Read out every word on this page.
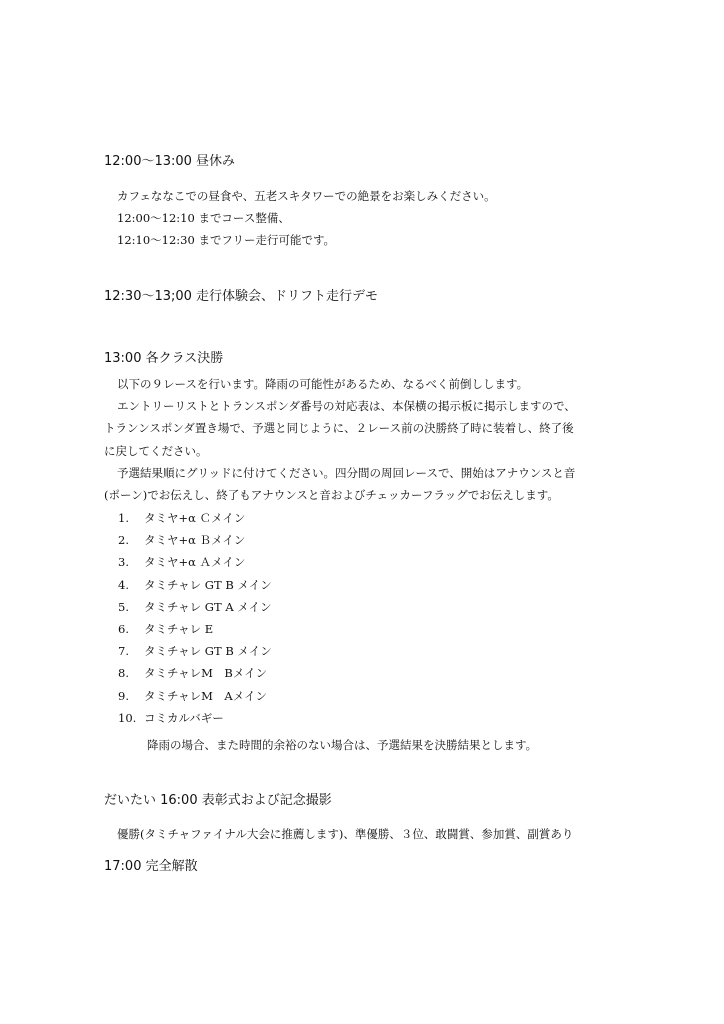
12:00～13:00 昼休み

カフェななこでの昼食や、五老スキタワーでの絶景をお楽しみください。

12:00～12:10 までコース整備、

12:10～12:30 までフリー走行可能です。

12:30～13;00 走行体験会、ドリフト走行デモ
13:00 各クラス決勝

以下の９レースを行います。降雨の可能性があるため、なるべく前倒しします。

エントリーリストとトランスポンダ番号の対応表は、本保横の掲示板に掲示しますので、

トランンスポンダ置き場で、予選と同じように、２レース前の決勝終了時に装着し、終了後

に戻してください。

予選結果順にグリッドに付けてください。四分間の周回レースで、開始はアナウンスと音

(ポーン)でお伝えし、終了もアナウンスと音およびチェッカーフラッグでお伝えします。

1.	タミヤ+α Ｃメイン
2.	タミヤ+α Ｂメイン
3.	タミヤ+α Ａメイン
4.	タミチャレ GT B メイン
5.	タミチャレ GT A メイン
6.	タミチャレ E
7.	タミチャレ GT B メイン
8.	タミチャレM　Bメイン
9.	タミチャレM　Aメイン
10. コミカルバギー
降雨の場合、また時間的余裕のない場合は、予選結果を決勝結果とします。
だいたい 16:00 表彰式および記念撮影

優勝(タミチャファイナル大会に推薦します)、準優勝、３位、敢闘賞、参加賞、副賞あり

17:00 完全解散
